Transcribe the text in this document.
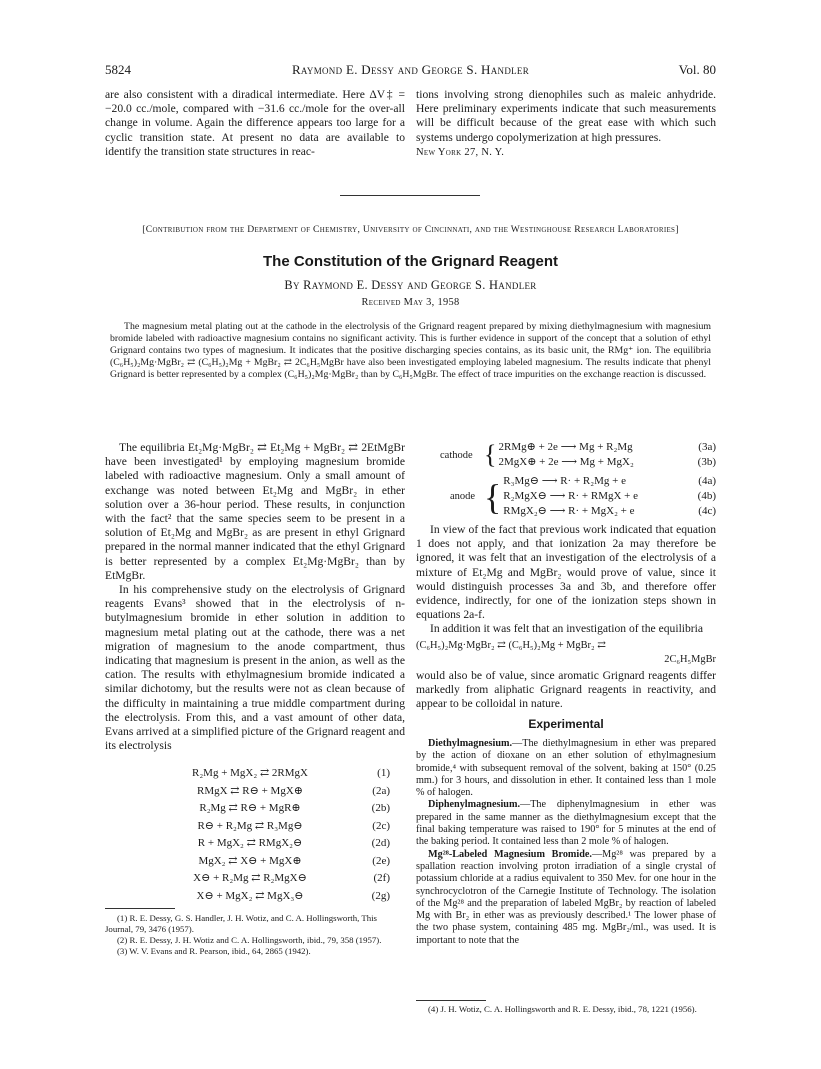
5824	Raymond E. Dessy and George S. Handler	Vol. 80
are also consistent with a diradical intermediate. Here ΔV‡ = −20.0 cc./mole, compared with −31.6 cc./mole for the over-all change in volume. Again the difference appears too large for a cyclic transition state. At present no data are available to identify the transition state structures in reac-
tions involving strong dienophiles such as maleic anhydride. Here preliminary experiments indicate that such measurements will be difficult because of the great ease with which such systems undergo copolymerization at high pressures.
New York 27, N. Y.
[Contribution from the Department of Chemistry, University of Cincinnati, and the Westinghouse Research Laboratories]
The Constitution of the Grignard Reagent
By Raymond E. Dessy and George S. Handler
Received May 3, 1958
The magnesium metal plating out at the cathode in the electrolysis of the Grignard reagent prepared by mixing diethylmagnesium with magnesium bromide labeled with radioactive magnesium contains no significant activity. This is further evidence in support of the concept that a solution of ethyl Grignard contains two types of magnesium. It indicates that the positive discharging species contains, as its basic unit, the RMg⁺ ion. The equilibria (C₆H₅)₂Mg·MgBr₂ ⇄ (C₆H₅)₂Mg + MgBr₂ ⇄ 2C₆H₅MgBr have also been investigated employing labeled magnesium. The results indicate that phenyl Grignard is better represented by a complex (C₆H₅)₂Mg·MgBr₂ than by C₆H₅MgBr. The effect of trace impurities on the exchange reaction is discussed.

The equilibria Et₂Mg·MgBr₂ ⇄ Et₂Mg + MgBr₂ ⇄ 2EtMgBr have been investigated¹ by employing magnesium bromide labeled with radioactive magnesium. Only a small amount of exchange was noted between Et₂Mg and MgBr₂ in ether solution over a 36-hour period. These results, in conjunction with the fact² that the same species seem to be present in a solution of Et₂Mg and MgBr₂ as are present in ethyl Grignard prepared in the normal manner indicated that the ethyl Grignard is better represented by a complex Et₂Mg·MgBr₂ than by EtMgBr.

In his comprehensive study on the electrolysis of Grignard reagents Evans³ showed that in the electrolysis of n-butylmagnesium bromide in ether solution in addition to magnesium metal plating out at the cathode, there was a net migration of magnesium to the anode compartment, thus indicating that magnesium is present in the anion, as well as the cation. The results with ethylmagnesium bromide indicated a similar dichotomy, but the results were not as clean because of the difficulty in maintaining a true middle compartment during the electrolysis. From this, and a vast amount of other data, Evans arrived at a simplified picture of the Grignard reagent and its electrolysis

R₂Mg + MgX₂ ⇄ 2RMgX	(1)
RMgX ⇄ R⊖ + MgX⊕	(2a)
R₂Mg ⇄ R⊖ + MgR⊕	(2b)
R⊖ + R₂Mg ⇄ R₃Mg⊖	(2c)
R + MgX₂ ⇄ RMgX₂⊖	(2d)
MgX₂ ⇄ X⊖ + MgX⊕	(2e)
X⊖ + R₂Mg ⇄ R₂MgX⊖	(2f)
X⊖ + MgX₂ ⇄ MgX₃⊖	(2g)
(1) R. E. Dessy, G. S. Handler, J. H. Wotiz, and C. A. Hollingsworth, This Journal, 79, 3476 (1957).
(2) R. E. Dessy, J. H. Wotiz and C. A. Hollingsworth, ibid., 79, 358 (1957).
(3) W. V. Evans and R. Pearson, ibid., 64, 2865 (1942).
cathode { 2RMg⊕ + 2e ⟶ Mg + R₂Mg	(3a)
2MgX⊕ + 2e ⟶ Mg + MgX₂	(3b)
anode { R₃Mg⊖ ⟶ R· + R₂Mg + e	(4a)
R₂MgX⊖ ⟶ R· + RMgX + e	(4b)
RMgX₂⊖ ⟶ R· + MgX₂ + e	(4c)

In view of the fact that previous work indicated that equation 1 does not apply, and that ionization 2a may therefore be ignored, it was felt that an investigation of the electrolysis of a mixture of Et₂Mg and MgBr₂ would prove of value, since it would distinguish processes 3a and 3b, and therefore offer evidence, indirectly, for one of the ionization steps shown in equations 2a-f.

In addition it was felt that an investigation of the equilibria

(C₆H₅)₂Mg·MgBr₂ ⇄ (C₆H₅)₂Mg + MgBr₂ ⇄
2C₆H₅MgBr

would also be of value, since aromatic Grignard reagents differ markedly from aliphatic Grignard reagents in reactivity, and appear to be colloidal in nature.

Experimental

Diethylmagnesium.—The diethylmagnesium in ether was prepared by the action of dioxane on an ether solution of ethylmagnesium bromide,⁴ with subsequent removal of the solvent, baking at 150° (0.25 mm.) for 3 hours, and dissolution in ether. It contained less than 1 mole % of halogen.

Diphenylmagnesium.—The diphenylmagnesium in ether was prepared in the same manner as the diethylmagnesium except that the final baking temperature was raised to 190° for 5 minutes at the end of the baking period. It contained less than 2 mole % of halogen.

Mg²⁸-Labeled Magnesium Bromide.—Mg²⁸ was prepared by a spallation reaction involving proton irradiation of a single crystal of potassium chloride at a radius equivalent to 350 Mev. for one hour in the synchrocyclotron of the Carnegie Institute of Technology. The isolation of the Mg²⁸ and the preparation of labeled MgBr₂ by reaction of labeled Mg with Br₂ in ether was as previously described.¹ The lower phase of the two phase system, containing 485 mg. MgBr₂/ml., was used. It is important to note that the

(4) J. H. Wotiz, C. A. Hollingsworth and R. E. Dessy, ibid., 78, 1221 (1956).
